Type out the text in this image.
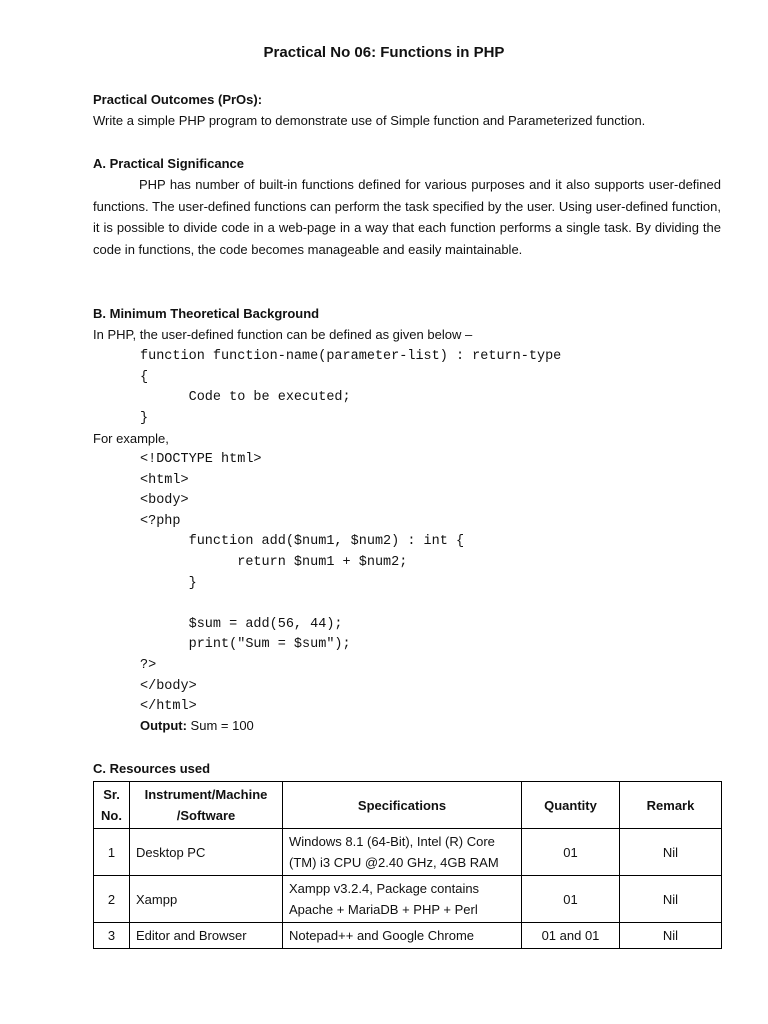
Practical No 06: Functions in PHP
Practical Outcomes (PrOs):
Write a simple PHP program to demonstrate use of Simple function and Parameterized function.
A. Practical Significance

PHP has number of built-in functions defined for various purposes and it also supports user-defined functions. The user-defined functions can perform the task specified by the user. Using user-defined function, it is possible to divide code in a web-page in a way that each function performs a single task. By dividing the code in functions, the code becomes manageable and easily maintainable.

B. Minimum Theoretical Background
In PHP, the user-defined function can be defined as given below –
function function-name(parameter-list) : return-type
{
Code to be executed;
}
For example,
<!DOCTYPE html>
<html>
<body>
<?php
function add($num1, $num2) : int {
return $num1 + $num2;
}
$sum = add(56, 44);
print("Sum = $sum");
?>
</body>
</html>
Output: Sum = 100
C. Resources used
Sr. No.	Instrument/Machine /Software	Specifications	Quantity	Remark
1	Desktop PC	Windows 8.1 (64-Bit), Intel (R) Core (TM) i3 CPU @2.40 GHz, 4GB RAM	01	Nil
2	Xampp	Xampp v3.2.4, Package contains Apache + MariaDB + PHP + Perl	01	Nil
3	Editor and Browser	Notepad++ and Google Chrome	01 and 01	Nil
